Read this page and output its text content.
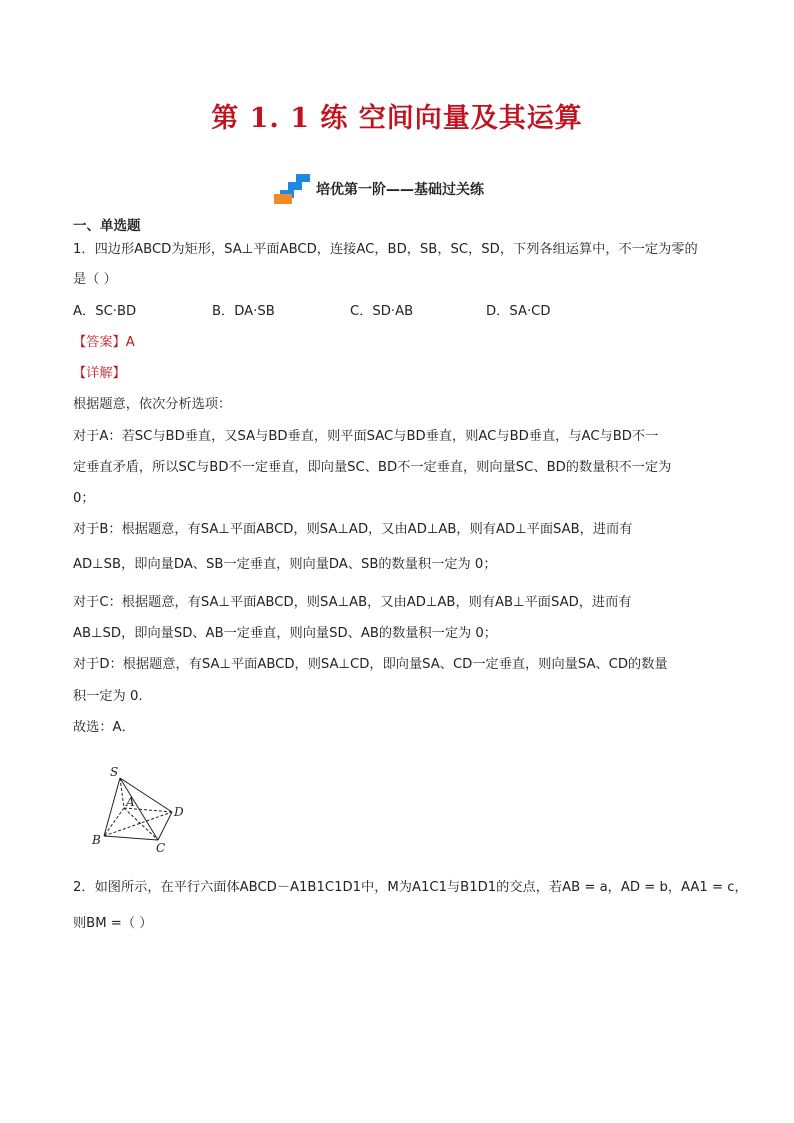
第 1. 1 练 空间向量及其运算
培优第一阶——基础过关练
一、单选题
1．四边形ABCD为矩形，SA⊥平面ABCD，连接AC，BD，SB，SC，SD，下列各组运算中，不一定为零的
是（ ）
A．SC·BD	B．DA·SB	C．SD·AB	D．SA·CD
【答案】A
【详解】
根据题意，依次分析选项：
对于A：若SC与BD垂直，又SA与BD垂直，则平面SAC与BD垂直，则AC与BD垂直，与AC与BD不一
定垂直矛盾，所以SC与BD不一定垂直，即向量SC、BD不一定垂直，则向量SC、BD的数量积不一定为
0；
对于B：根据题意，有SA⊥平面ABCD，则SA⊥AD，又由AD⊥AB，则有AD⊥平面SAB，进而有
AD⊥SB，即向量DA、SB一定垂直，则向量DA、SB的数量积一定为 0；
对于C：根据题意，有SA⊥平面ABCD，则SA⊥AB，又由AD⊥AB，则有AB⊥平面SAD，进而有
AB⊥SD，即向量SD、AB一定垂直，则向量SD、AB的数量积一定为 0；
对于D：根据题意，有SA⊥平面ABCD，则SA⊥CD，即向量SA、CD一定垂直，则向量SA、CD的数量
积一定为 0.
故选：A．
S
A
B
C
D
2．如图所示，在平行六面体ABCD－A1B1C1D1中，M为A1C1与B1D1的交点，若AB = a，AD = b，AA1 = c，
则BM =（ ）
